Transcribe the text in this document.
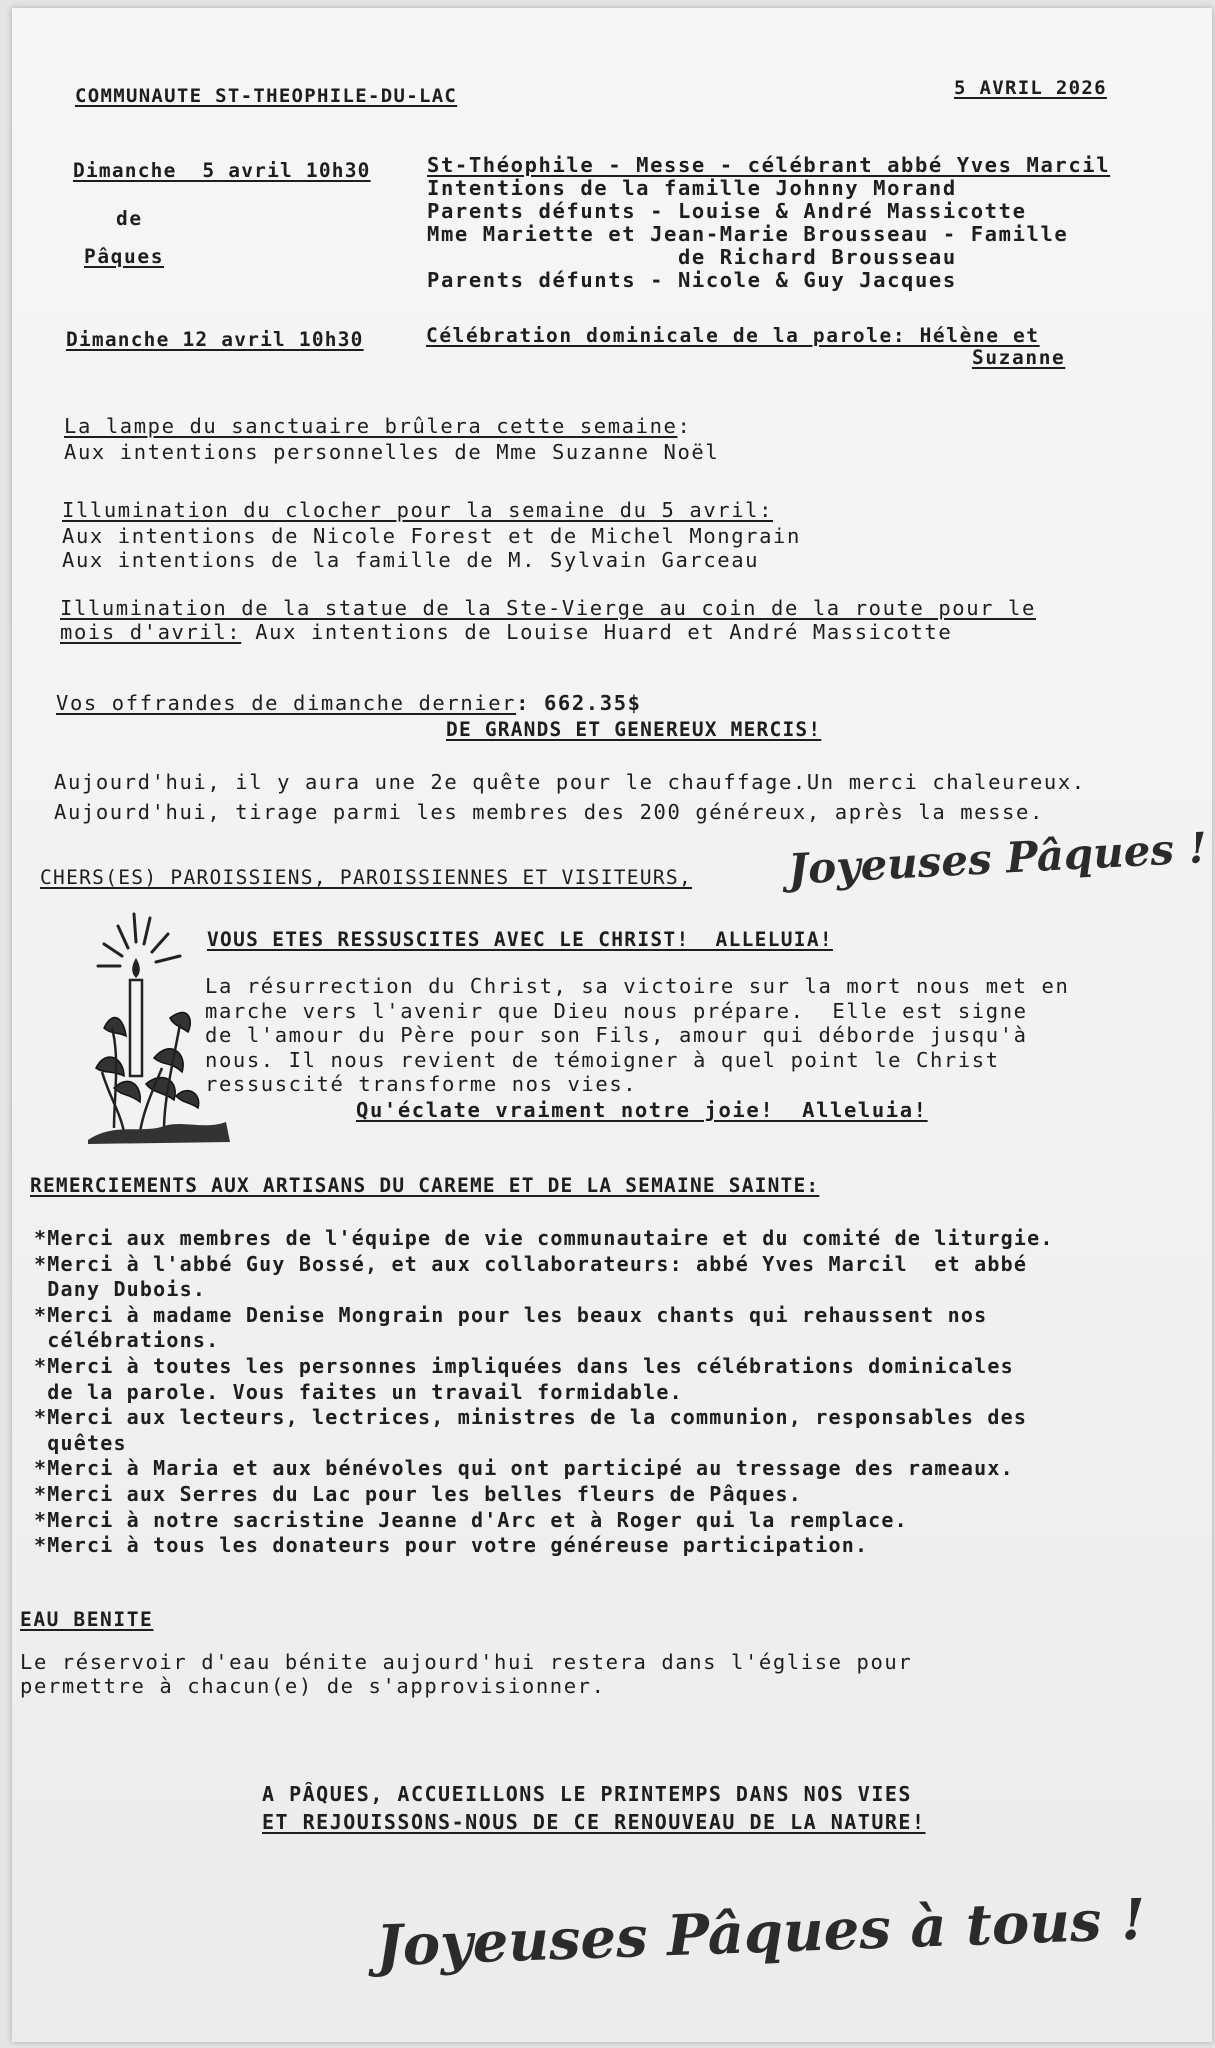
COMMUNAUTE ST-THEOPHILE-DU-LAC	5 AVRIL 2026
Dimanche  5 avril 10h30
de
Pâques
St-Théophile - Messe - célébrant abbé Yves Marcil
Intentions de la famille Johnny Morand
Parents défunts - Louise & André Massicotte
Mme Mariette et Jean-Marie Brousseau - Famille
de Richard Brousseau
Parents défunts - Nicole & Guy Jacques
Dimanche 12 avril 10h30	Célébration dominicale de la parole: Hélène et
Suzanne
La lampe du sanctuaire brûlera cette semaine:
Aux intentions personnelles de Mme Suzanne Noël
Illumination du clocher pour la semaine du 5 avril:
Aux intentions de Nicole Forest et de Michel Mongrain
Aux intentions de la famille de M. Sylvain Garceau
Illumination de la statue de la Ste-Vierge au coin de la route pour le
mois d'avril: Aux intentions de Louise Huard et André Massicotte
Vos offrandes de dimanche dernier: 662.35$
DE GRANDS ET GENEREUX MERCIS!
Aujourd'hui, il y aura une 2e quête pour le chauffage.Un merci chaleureux.
Aujourd'hui, tirage parmi les membres des 200 généreux, après la messe.
CHERS(ES) PAROISSIENS, PAROISSIENNES ET VISITEURS, Joyeuses Pâques !
VOUS ETES RESSUSCITES AVEC LE CHRIST!  ALLELUIA!
La résurrection du Christ, sa victoire sur la mort nous met en
marche vers l'avenir que Dieu nous prépare.  Elle est signe
de l'amour du Père pour son Fils, amour qui déborde jusqu'à
nous. Il nous revient de témoigner à quel point le Christ
ressuscité transforme nos vies.
Qu'éclate vraiment notre joie!  Alleluia!
REMERCIEMENTS AUX ARTISANS DU CAREME ET DE LA SEMAINE SAINTE:
*Merci aux membres de l'équipe de vie communautaire et du comité de liturgie.
*Merci à l'abbé Guy Bossé, et aux collaborateurs: abbé Yves Marcil  et abbé
Dany Dubois.
*Merci à madame Denise Mongrain pour les beaux chants qui rehaussent nos
célébrations.
*Merci à toutes les personnes impliquées dans les célébrations dominicales
de la parole. Vous faites un travail formidable.
*Merci aux lecteurs, lectrices, ministres de la communion, responsables des
quêtes
*Merci à Maria et aux bénévoles qui ont participé au tressage des rameaux.
*Merci aux Serres du Lac pour les belles fleurs de Pâques.
*Merci à notre sacristine Jeanne d'Arc et à Roger qui la remplace.
*Merci à tous les donateurs pour votre généreuse participation.
EAU BENITE
Le réservoir d'eau bénite aujourd'hui restera dans l'église pour
permettre à chacun(e) de s'approvisionner.
A PÂQUES, ACCUEILLONS LE PRINTEMPS DANS NOS VIES
ET REJOUISSONS-NOUS DE CE RENOUVEAU DE LA NATURE!
Joyeuses Pâques à tous !
